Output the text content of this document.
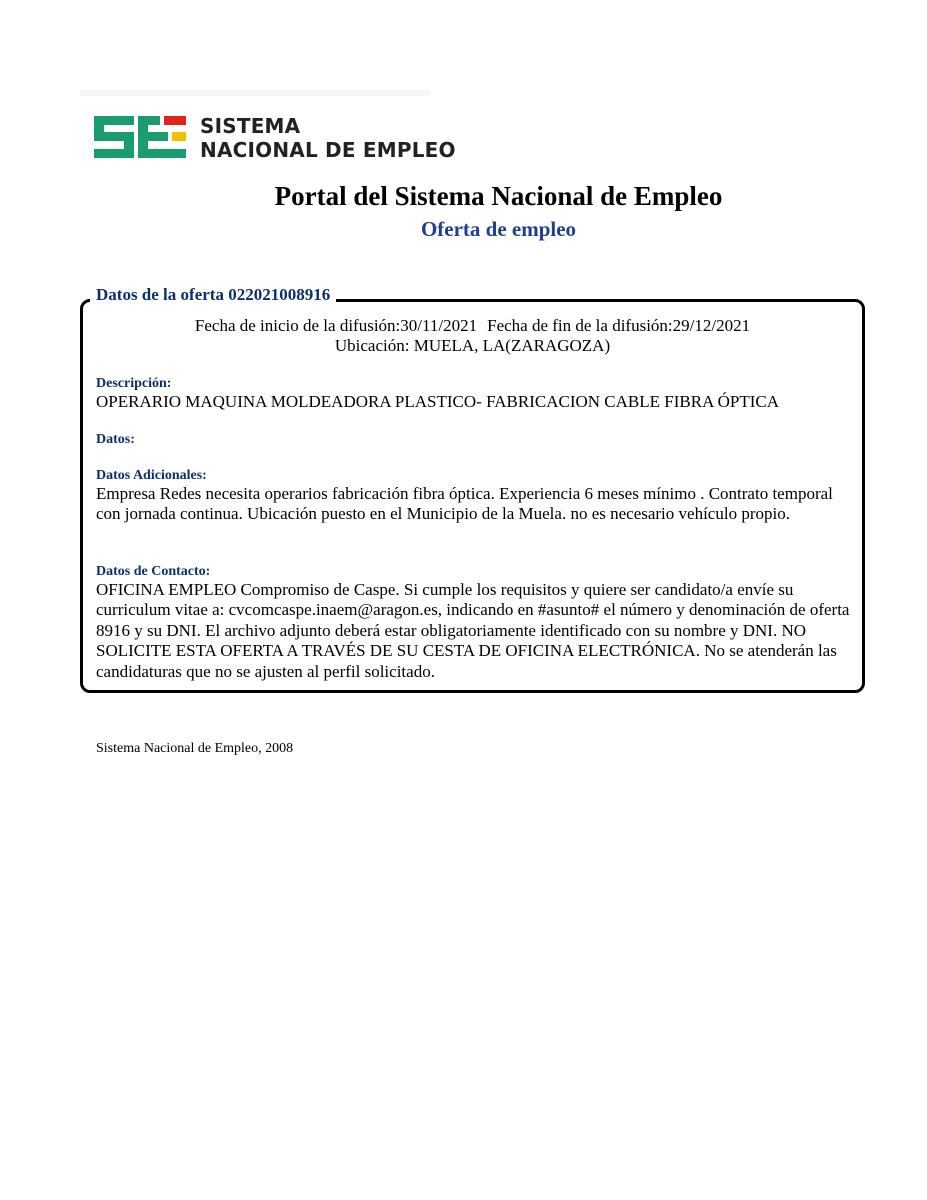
SISTEMA
NACIONAL DE EMPLEO
Portal del Sistema Nacional de Empleo
Oferta de empleo
Datos de la oferta 022021008916
Fecha de inicio de la difusión:30/11/2021 Fecha de fin de la difusión:29/12/2021
Ubicación: MUELA, LA(ZARAGOZA)
Descripción:
OPERARIO MAQUINA MOLDEADORA PLASTICO- FABRICACION CABLE FIBRA ÓPTICA
Datos:
Datos Adicionales:
Empresa Redes necesita operarios fabricación fibra óptica. Experiencia 6 meses mínimo . Contrato temporal con jornada continua. Ubicación puesto en el Municipio de la Muela. no es necesario vehículo propio.
Datos de Contacto:
OFICINA EMPLEO Compromiso de Caspe. Si cumple los requisitos y quiere ser candidato/a envíe su curriculum vitae a: cvcomcaspe.inaem@aragon.es, indicando en #asunto# el número y denominación de oferta 8916 y su DNI. El archivo adjunto deberá estar obligatoriamente identificado con su nombre y DNI. NO SOLICITE ESTA OFERTA A TRAVÉS DE SU CESTA DE OFICINA ELECTRÓNICA. No se atenderán las candidaturas que no se ajusten al perfil solicitado.
Sistema Nacional de Empleo, 2008
